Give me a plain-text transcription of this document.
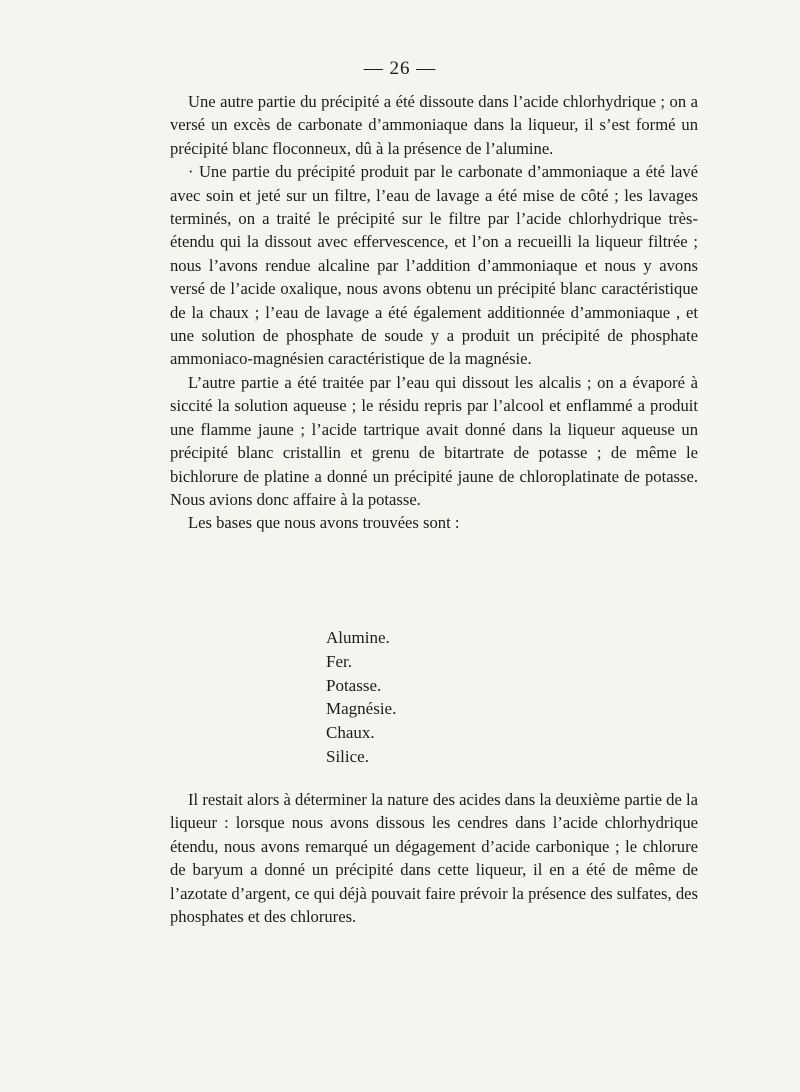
— 26 —

Une autre partie du précipité a été dissoute dans l’acide chlorhydrique ; on a versé un excès de carbonate d’ammoniaque dans la liqueur, il s’est formé un précipité blanc floconneux, dû à la présence de l’alumine.

· Une partie du précipité produit par le carbonate d’ammoniaque a été lavé avec soin et jeté sur un filtre, l’eau de lavage a été mise de côté ; les lavages terminés, on a traité le précipité sur le filtre par l’acide chlorhydrique très-étendu qui la dissout avec effervescence, et l’on a recueilli la liqueur filtrée ; nous l’avons rendue alcaline par l’addition d’ammoniaque et nous y avons versé de l’acide oxalique, nous avons obtenu un précipité blanc caractéristique de la chaux ; l’eau de lavage a été également additionnée d’ammoniaque , et une solution de phosphate de soude y a produit un précipité de phosphate ammoniaco-magnésien caractéristique de la magnésie.

L’autre partie a été traitée par l’eau qui dissout les alcalis ; on a évaporé à siccité la solution aqueuse ; le résidu repris par l’alcool et enflammé a produit une flamme jaune ; l’acide tartrique avait donné dans la liqueur aqueuse un précipité blanc cristallin et grenu de bitartrate de potasse ; de même le bichlorure de platine a donné un précipité jaune de chloroplatinate de potasse. Nous avions donc affaire à la potasse.

Les bases que nous avons trouvées sont :

Alumine.
Fer.
Potasse.
Magnésie.
Chaux.
Silice.

Il restait alors à déterminer la nature des acides dans la deuxième partie de la liqueur : lorsque nous avons dissous les cendres dans l’acide chlorhydrique étendu, nous avons remarqué un dégagement d’acide carbonique ; le chlorure de baryum a donné un précipité dans cette liqueur, il en a été de même de l’azotate d’argent, ce qui déjà pouvait faire prévoir la présence des sulfates, des phosphates et des chlorures.
